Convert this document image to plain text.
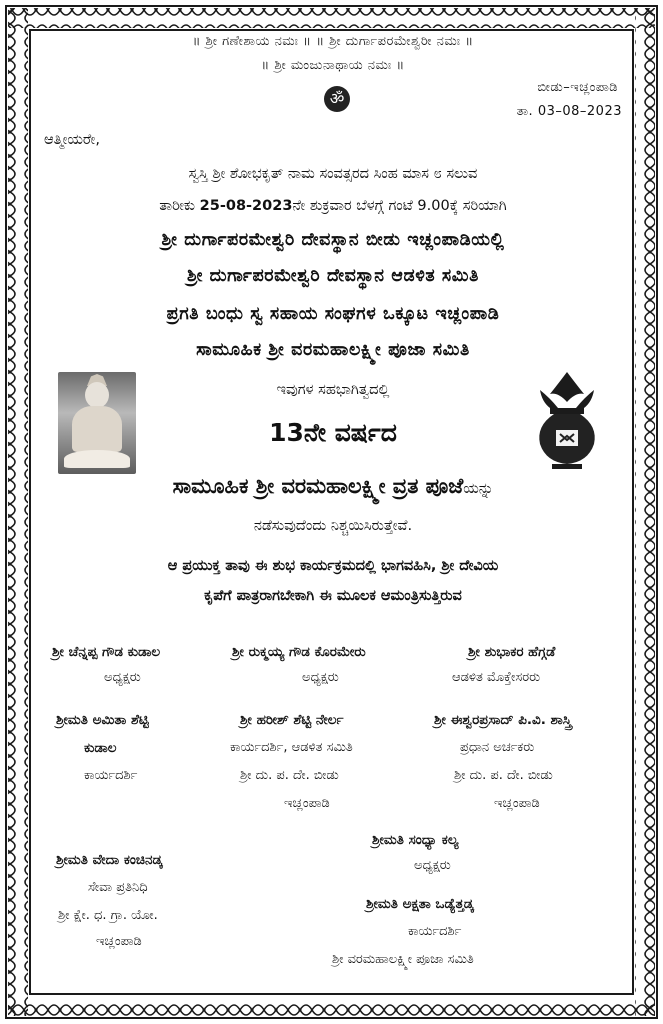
॥ ಶ್ರೀ ಗಣೇಶಾಯ ನಮಃ ॥ ॥ ಶ್ರೀ ದುರ್ಗಾಪರಮೇಶ್ವರೀ ನಮಃ ॥
॥ ಶ್ರೀ ಮಂಜುನಾಥಾಯ ನಮಃ ॥
ॐ
ಬೀಡು–ಇಚ್ಲಂಪಾಡಿ
ತಾ. 03–08–2023
ಆತ್ಮೀಯರೇ,
ಸ್ವಸ್ತಿ ಶ್ರೀ ಶೋಭಕೃತ್ ನಾಮ ಸಂವತ್ಸರದ ಸಿಂಹ ಮಾಸ ೮ ಸಲುವ
ತಾರೀಕು 25-08-2023ನೇ ಶುಕ್ರವಾರ ಬೆಳಗ್ಗೆ ಗಂಟೆ 9.00ಕ್ಕೆ ಸರಿಯಾಗಿ
ಶ್ರೀ ದುರ್ಗಾಪರಮೇಶ್ವರಿ ದೇವಸ್ಥಾನ ಬೀಡು ಇಚ್ಲಂಪಾಡಿಯಲ್ಲಿ
ಶ್ರೀ ದುರ್ಗಾಪರಮೇಶ್ವರಿ ದೇವಸ್ಥಾನ ಆಡಳಿತ ಸಮಿತಿ
ಪ್ರಗತಿ ಬಂಧು ಸ್ವ ಸಹಾಯ ಸಂಘಗಳ ಒಕ್ಕೂಟ ಇಚ್ಲಂಪಾಡಿ
ಸಾಮೂಹಿಕ ಶ್ರೀ ವರಮಹಾಲಕ್ಷ್ಮೀ ಪೂಜಾ ಸಮಿತಿ
ಇವುಗಳ ಸಹಭಾಗಿತ್ವದಲ್ಲಿ
13ನೇ ವರ್ಷದ
ಸಾಮೂಹಿಕ ಶ್ರೀ ವರಮಹಾಲಕ್ಷ್ಮೀ ವ್ರತ ಪೂಜೆಯನ್ನು
ನಡೆಸುವುದೆಂದು ನಿಶ್ಚಯಿಸಿರುತ್ತೇವೆ.
ಆ ಪ್ರಯುಕ್ತ ತಾವು ಈ ಶುಭ ಕಾರ್ಯಕ್ರಮದಲ್ಲಿ ಭಾಗವಹಿಸಿ, ಶ್ರೀ ದೇವಿಯ
ಕೃಪೆಗೆ ಪಾತ್ರರಾಗಬೇಕಾಗಿ ಈ ಮೂಲಕ ಆಮಂತ್ರಿಸುತ್ತಿರುವ
ಶ್ರೀ ಚೆನ್ನಪ್ಪ ಗೌಡ ಕುಡಾಲ
ಅಧ್ಯಕ್ಷರು
ಶ್ರೀ ರುಕ್ಮಯ್ಯ ಗೌಡ ಕೊರಮೇರು
ಅಧ್ಯಕ್ಷರು
ಶ್ರೀ ಶುಭಾಕರ ಹೆಗ್ಗಡೆ
ಆಡಳಿತ ಮೊಕ್ತೇಸರರು
ಶ್ರೀಮತಿ ಅಮಿತಾ ಶೆಟ್ಟಿ
ಕುಡಾಲ
ಕಾರ್ಯದರ್ಶಿ
ಶ್ರೀ ಹರೀಶ್ ಶೆಟ್ಟಿ ನೇರ್ಲ
ಕಾರ್ಯದರ್ಶಿ, ಆಡಳಿತ ಸಮಿತಿ
ಶ್ರೀ ದು. ಪ. ದೇ. ಬೀಡು
ಇಚ್ಲಂಪಾಡಿ
ಶ್ರೀ ಈಶ್ವರಪ್ರಸಾದ್ ಪಿ.ವಿ. ಶಾಸ್ತ್ರಿ
ಪ್ರಧಾನ ಅರ್ಚಕರು
ಶ್ರೀ ದು. ಪ. ದೇ. ಬೀಡು
ಇಚ್ಲಂಪಾಡಿ
ಶ್ರೀಮತಿ ಸಂಧ್ಯಾ ಕಲ್ಯ
ಅಧ್ಯಕ್ಷರು
ಶ್ರೀಮತಿ ವೇದಾ ಕಂಚಿನಡ್ಕ
ಸೇವಾ ಪ್ರತಿನಿಧಿ
ಶ್ರೀ ಕ್ಷೇ. ಧ. ಗ್ರಾ. ಯೋ.
ಇಚ್ಲಂಪಾಡಿ
ಶ್ರೀಮತಿ ಅಕ್ಷತಾ ಒಡ್ಯೆತ್ತಡ್ಕ
ಕಾರ್ಯದರ್ಶಿ
ಶ್ರೀ ವರಮಹಾಲಕ್ಷ್ಮೀ ಪೂಜಾ ಸಮಿತಿ
